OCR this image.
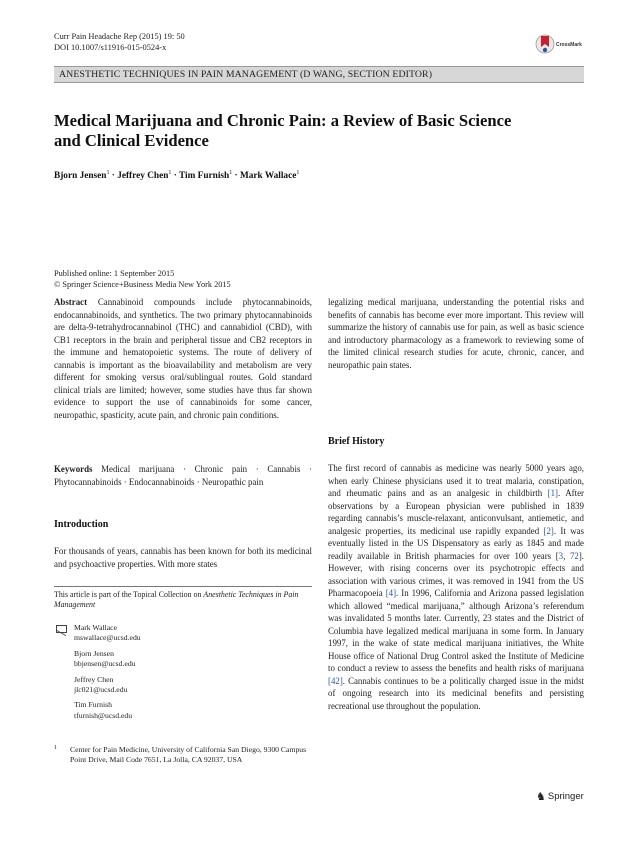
Curr Pain Headache Rep (2015) 19: 50
DOI 10.1007/s11916-015-0524-x	CrossMark
ANESTHETIC TECHNIQUES IN PAIN MANAGEMENT (D WANG, SECTION EDITOR)
Medical Marijuana and Chronic Pain: a Review of Basic Science
and Clinical Evidence
Bjorn Jensen$^1$ · Jeffrey Chen$^1$ · Tim Furnish$^1$ · Mark Wallace$^1$
Published online: 1 September 2015
© Springer Science+Business Media New York 2015

Abstract Cannabinoid compounds include phytocannabinoids, endocannabinoids, and synthetics. The two primary phytocannabinoids are delta-9-tetrahydrocannabinol (THC) and cannabidiol (CBD), with CB1 receptors in the brain and peripheral tissue and CB2 receptors in the immune and hematopoietic systems. The route of delivery of cannabis is important as the bioavailability and metabolism are very different for smoking versus oral/sublingual routes. Gold standard clinical trials are limited; however, some studies have thus far shown evidence to support the use of cannabinoids for some cancer, neuropathic, spasticity, acute pain, and chronic pain conditions.

Keywords Medical marijuana · Chronic pain · Cannabis · Phytocannabinoids · Endocannabinoids · Neuropathic pain

Introduction

For thousands of years, cannabis has been known for both its medicinal and psychoactive properties. With more states

This article is part of the Topical Collection on Anesthetic Techniques in Pain Management
Mark Wallace
mswallace@ucsd.edu
Bjorn Jensen
bbjensen@ucsd.edu
Jeffrey Chen
jlc021@ucsd.edu
Tim Furnish
tfurnish@ucsd.edu
1 Center for Pain Medicine, University of California San Diego, 9300 Campus Point Drive, Mail Code 7651, La Jolla, CA 92037, USA

legalizing medical marijuana, understanding the potential risks and benefits of cannabis has become ever more important. This review will summarize the history of cannabis use for pain, as well as basic science and introductory pharmacology as a framework to reviewing some of the limited clinical research studies for acute, chronic, cancer, and neuropathic pain states.

Brief History

The first record of cannabis as medicine was nearly 5000 years ago, when early Chinese physicians used it to treat malaria, constipation, and rheumatic pains and as an analgesic in childbirth [1]. After observations by a European physician were published in 1839 regarding cannabis’s muscle-relaxant, anticonvulsant, antiemetic, and analgesic properties, its medicinal use rapidly expanded [2]. It was eventually listed in the US Dispensatory as early as 1845 and made readily available in British pharmacies for over 100 years [3, 72]. However, with rising concerns over its psychotropic effects and association with various crimes, it was removed in 1941 from the US Pharmacopoeia [4]. In 1996, California and Arizona passed legislation which allowed “medical marijuana,” although Arizona’s referendum was invalidated 5 months later. Currently, 23 states and the District of Columbia have legalized medical marijuana in some form. In January 1997, in the wake of state medical marijuana initiatives, the White House office of National Drug Control asked the Institute of Medicine to conduct a review to assess the benefits and health risks of marijuana [42]. Cannabis continues to be a politically charged issue in the midst of ongoing research into its medicinal benefits and persisting recreational use throughout the population.

♞ Springer
